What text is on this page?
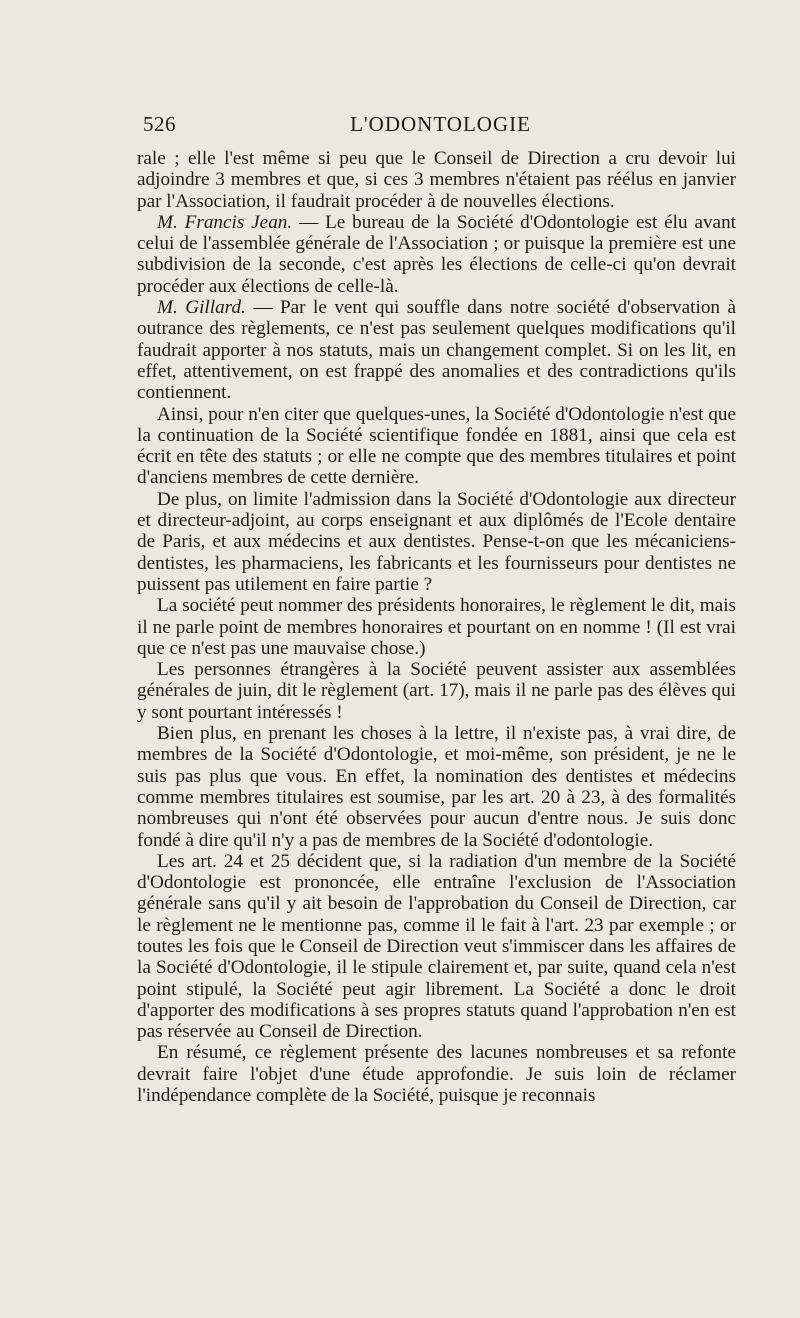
526	L'ODONTOLOGIE

rale ; elle l'est même si peu que le Conseil de Direction a cru devoir lui adjoindre 3 membres et que, si ces 3 membres n'étaient pas réélus en janvier par l'Association, il faudrait procéder à de nouvelles élections.

M. Francis Jean. — Le bureau de la Société d'Odontologie est élu avant celui de l'assemblée générale de l'Association ; or puisque la première est une subdivision de la seconde, c'est après les élections de celle-ci qu'on devrait procéder aux élections de celle-là.

M. Gillard. — Par le vent qui souffle dans notre société d'observation à outrance des règlements, ce n'est pas seulement quelques modifications qu'il faudrait apporter à nos statuts, mais un changement complet. Si on les lit, en effet, attentivement, on est frappé des anomalies et des contradictions qu'ils contiennent.

Ainsi, pour n'en citer que quelques-unes, la Société d'Odontologie n'est que la continuation de la Société scientifique fondée en 1881, ainsi que cela est écrit en tête des statuts ; or elle ne compte que des membres titulaires et point d'anciens membres de cette dernière.

De plus, on limite l'admission dans la Société d'Odontologie aux directeur et directeur-adjoint, au corps enseignant et aux diplômés de l'Ecole dentaire de Paris, et aux médecins et aux dentistes. Pense-t-on que les mécaniciens-dentistes, les pharmaciens, les fabricants et les fournisseurs pour dentistes ne puissent pas utilement en faire partie ?

La société peut nommer des présidents honoraires, le règlement le dit, mais il ne parle point de membres honoraires et pourtant on en nomme ! (Il est vrai que ce n'est pas une mauvaise chose.)

Les personnes étrangères à la Société peuvent assister aux assemblées générales de juin, dit le règlement (art. 17), mais il ne parle pas des élèves qui y sont pourtant intéressés !

Bien plus, en prenant les choses à la lettre, il n'existe pas, à vrai dire, de membres de la Société d'Odontologie, et moi-même, son président, je ne le suis pas plus que vous. En effet, la nomination des dentistes et médecins comme membres titulaires est soumise, par les art. 20 à 23, à des formalités nombreuses qui n'ont été observées pour aucun d'entre nous. Je suis donc fondé à dire qu'il n'y a pas de membres de la Société d'odontologie.

Les art. 24 et 25 décident que, si la radiation d'un membre de la Société d'Odontologie est prononcée, elle entraîne l'exclusion de l'Association générale sans qu'il y ait besoin de l'approbation du Conseil de Direction, car le règlement ne le mentionne pas, comme il le fait à l'art. 23 par exemple ; or toutes les fois que le Conseil de Direction veut s'immiscer dans les affaires de la Société d'Odontologie, il le stipule clairement et, par suite, quand cela n'est point stipulé, la Société peut agir librement. La Société a donc le droit d'apporter des modifications à ses propres statuts quand l'approbation n'en est pas réservée au Conseil de Direction.

En résumé, ce règlement présente des lacunes nombreuses et sa refonte devrait faire l'objet d'une étude approfondie. Je suis loin de réclamer l'indépendance complète de la Société, puisque je reconnais
